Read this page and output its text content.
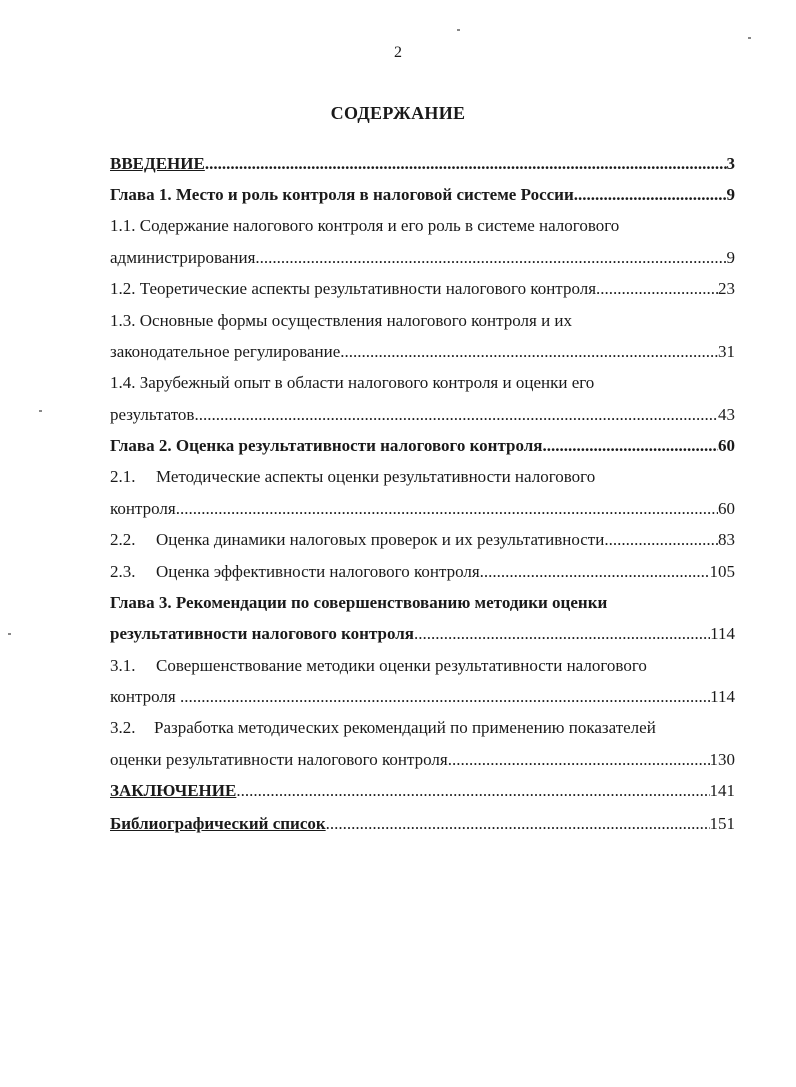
2
СОДЕРЖАНИЕ
ВВЕДЕНИЕ .....	3
Глава 1. Место и роль контроля в налоговой системе России .....	9
1.1. Содержание налогового контроля и его роль в системе налогового
администрирования .....	9
1.2. Теоретические аспекты результативности налогового контроля .....	23
1.3. Основные формы осуществления налогового контроля и их
законодательное регулирование .....	31
1.4. Зарубежный опыт в области налогового контроля и оценки его
результатов .....	43
Глава 2. Оценка результативности налогового контроля .....	60
2.1. Методические аспекты оценки результативности налогового
контроля .....	60
2.2. Оценка динамики налоговых проверок и их результативности .....	83
2.3. Оценка эффективности налогового контроля .....	105
Глава 3. Рекомендации по совершенствованию методики оценки
результативности налогового контроля .....	114
3.1. Совершенствование методики оценки результативности налогового
контроля .....	114
3.2. Разработка методических рекомендаций по применению показателей
оценки результативности налогового контроля .....	130
ЗАКЛЮЧЕНИЕ .....	141
Библиографический список .....	151
